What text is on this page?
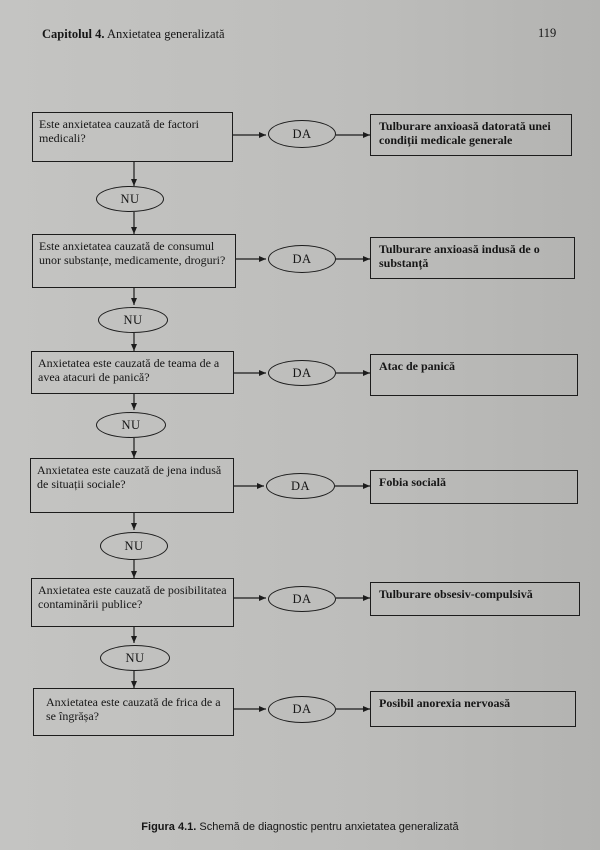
Capitolul 4. Anxietatea generalizată	119
Este anxietatea cauzată de factori medicali?	DA
Tulburare anxioasă datorată unei condiții medicale generale
NU
Este anxietatea cauzată de consumul unor substanțe, medicamente, droguri?	DA
Tulburare anxioasă indusă de o substanță
NU
Anxietatea este cauzată de teama de a avea atacuri de panică?	DA	Atac de panică
NU
Anxietatea este cauzată de jena indusă de situații sociale?	DA	Fobia socială
NU
Anxietatea este cauzată de posibilitatea contaminării publice?	DA	Tulburare obsesiv-compulsivă
NU
Anxietatea este cauzată de frica de a se îngrășa?	DA	Posibil anorexia nervoasă
Figura 4.1. Schemă de diagnostic pentru anxietatea generalizată
